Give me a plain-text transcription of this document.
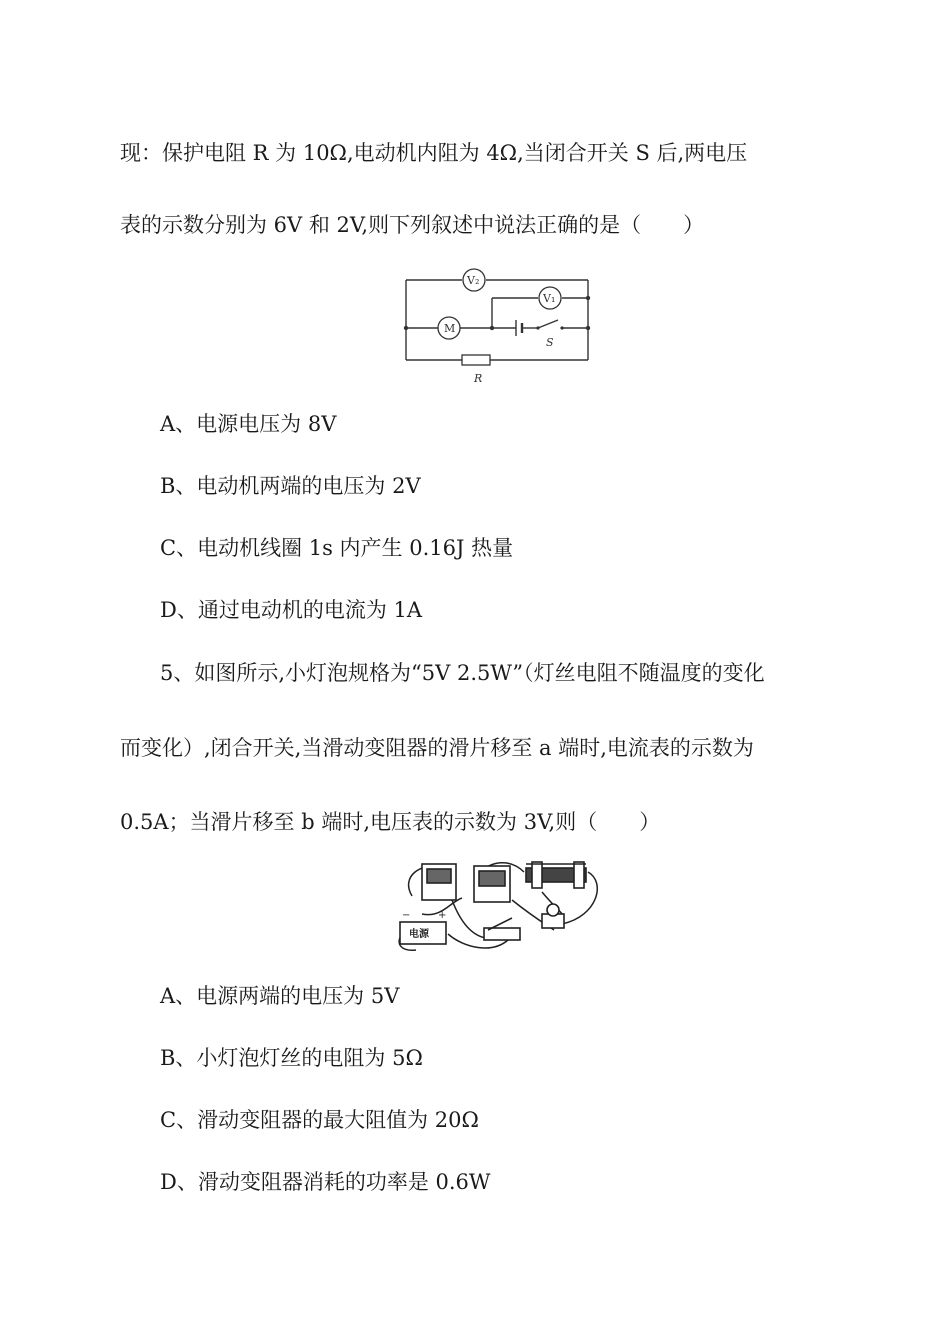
现：保护电阻 R 为 10Ω,电动机内阻为 4Ω,当闭合开关 S 后,两电压
表的示数分别为 6V 和 2V,则下列叙述中说法正确的是（　　）
V₂
V₁
M
S
R
A、电源电压为 8V
B、电动机两端的电压为 2V
C、电动机线圈 1s 内产生 0.16J 热量
D、通过电动机的电流为 1A
5、如图所示,小灯泡规格为“5V 2.5W”（灯丝电阻不随温度的变化
而变化）,闭合开关,当滑动变阻器的滑片移至 a 端时,电流表的示数为
0.5A；当滑片移至 b 端时,电压表的示数为 3V,则（　　）
电源
−	+
A、电源两端的电压为 5V
B、小灯泡灯丝的电阻为 5Ω
C、滑动变阻器的最大阻值为 20Ω
D、滑动变阻器消耗的功率是 0.6W
